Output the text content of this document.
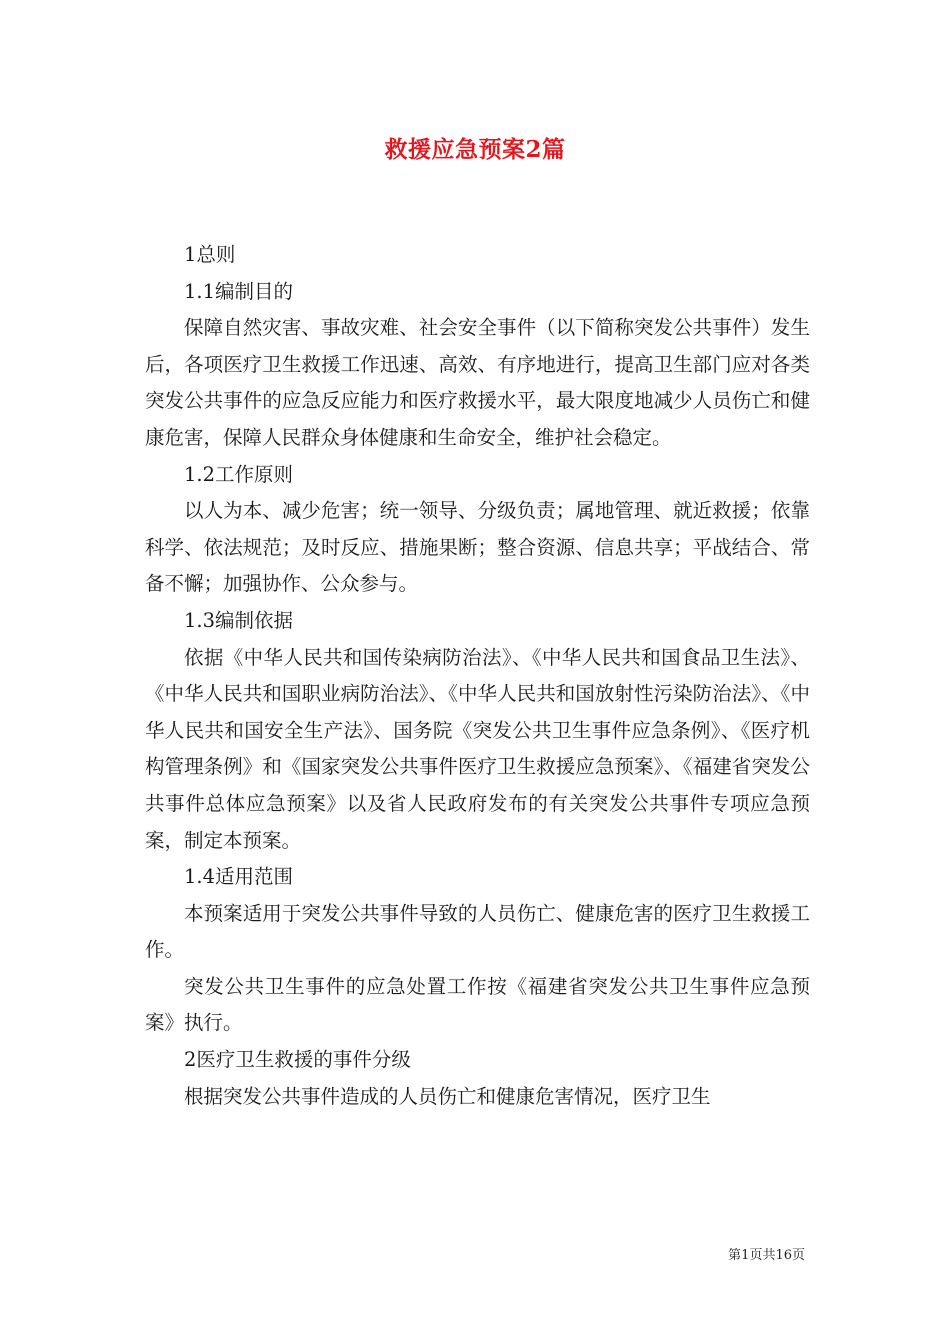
救援应急预案2篇

1总则

1.1编制目的

保障自然灾害、事故灾难、社会安全事件（以下简称突发公共事件）发生后，各项医疗卫生救援工作迅速、高效、有序地进行，提高卫生部门应对各类突发公共事件的应急反应能力和医疗救援水平，最大限度地减少人员伤亡和健康危害，保障人民群众身体健康和生命安全，维护社会稳定。

1.2工作原则

以人为本、减少危害；统一领导、分级负责；属地管理、就近救援；依靠科学、依法规范；及时反应、措施果断；整合资源、信息共享；平战结合、常备不懈；加强协作、公众参与。

1.3编制依据

依据《中华人民共和国传染病防治法》、《中华人民共和国食品卫生法》、《中华人民共和国职业病防治法》、《中华人民共和国放射性污染防治法》、《中华人民共和国安全生产法》、国务院《突发公共卫生事件应急条例》、《医疗机构管理条例》和《国家突发公共事件医疗卫生救援应急预案》、《福建省突发公共事件总体应急预案》以及省人民政府发布的有关突发公共事件专项应急预案，制定本预案。

1.4适用范围

本预案适用于突发公共事件导致的人员伤亡、健康危害的医疗卫生救援工作。

突发公共卫生事件的应急处置工作按《福建省突发公共卫生事件应急预案》执行。

2医疗卫生救援的事件分级

根据突发公共事件造成的人员伤亡和健康危害情况，医疗卫生

第1页共16页
